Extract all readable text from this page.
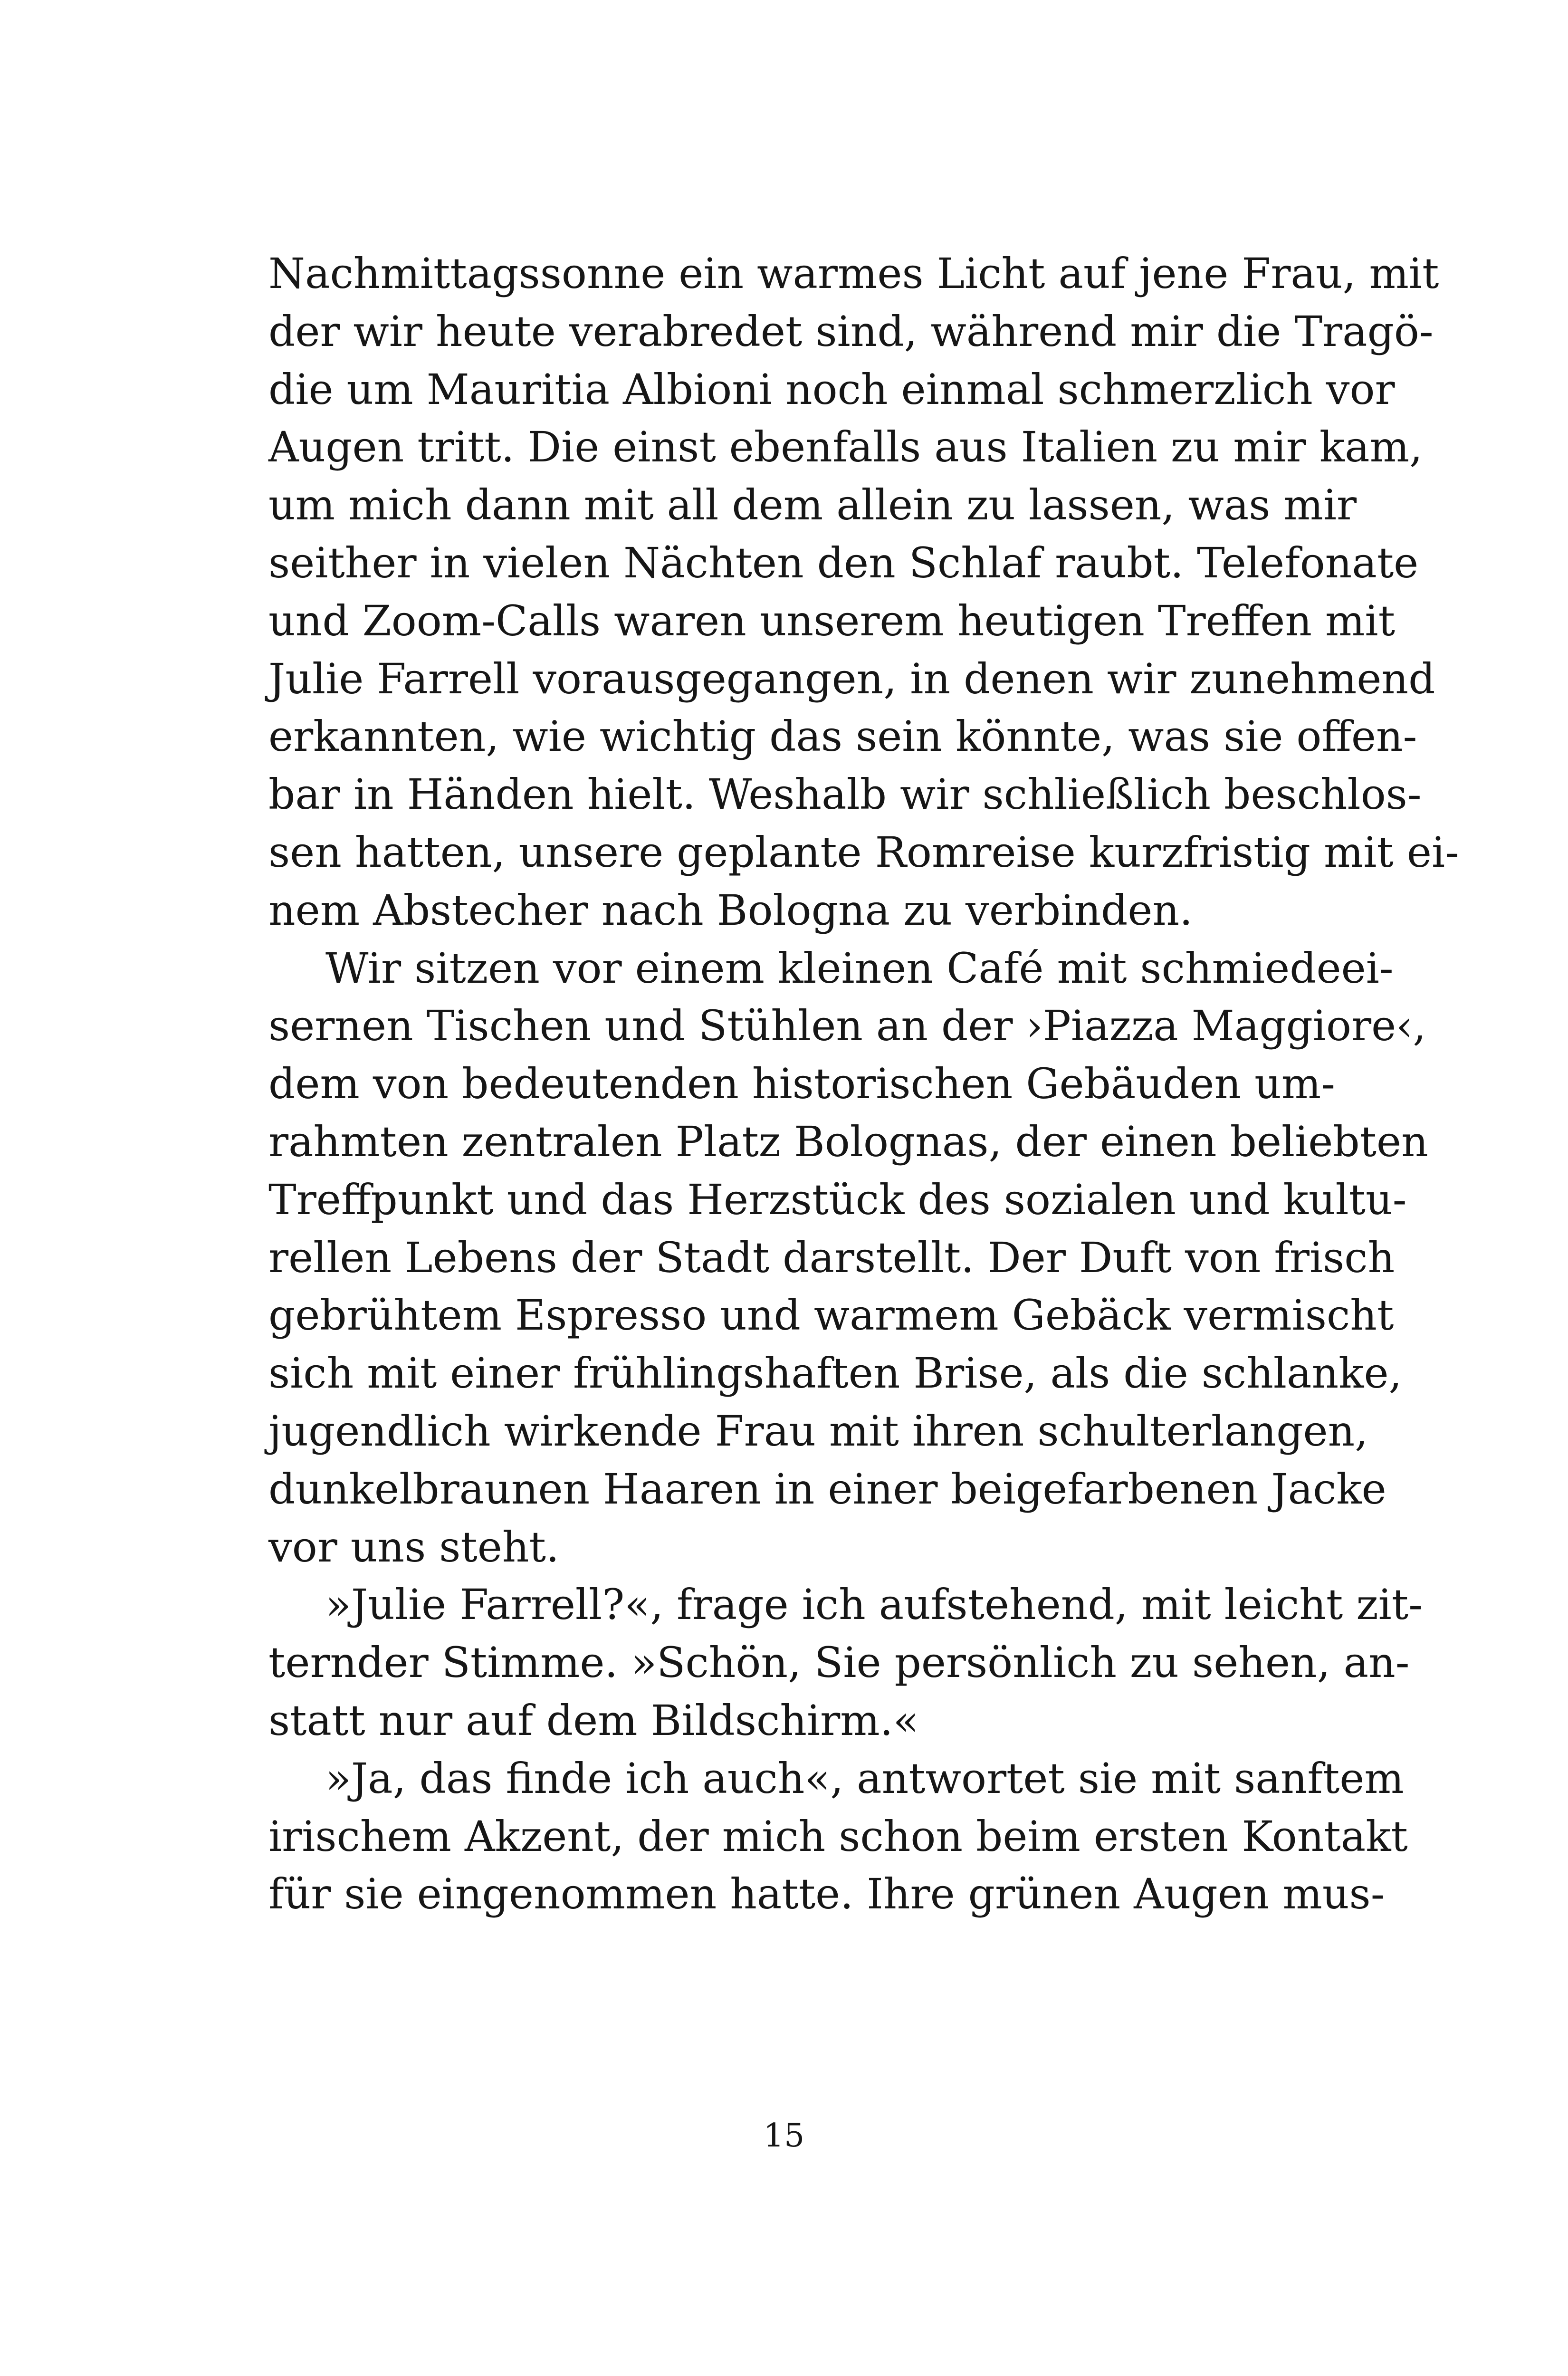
Nachmittagssonne ein warmes Licht auf jene Frau, mit
der wir heute verabredet sind, während mir die Tragö-
die um Mauritia Albioni noch einmal schmerzlich vor
Augen tritt. Die einst ebenfalls aus Italien zu mir kam,
um mich dann mit all dem allein zu lassen, was mir
seither in vielen Nächten den Schlaf raubt. Telefonate
und Zoom-Calls waren unserem heutigen Treffen mit
Julie Farrell vorausgegangen, in denen wir zunehmend
erkannten, wie wichtig das sein könnte, was sie offen-
bar in Händen hielt. Weshalb wir schließlich beschlos-
sen hatten, unsere geplante Romreise kurzfristig mit ei-
nem Abstecher nach Bologna zu verbinden.
Wir sitzen vor einem kleinen Café mit schmiedeei-
sernen Tischen und Stühlen an der ›Piazza Maggiore‹,
dem von bedeutenden historischen Gebäuden um-
rahmten zentralen Platz Bolognas, der einen beliebten
Treffpunkt und das Herzstück des sozialen und kultu-
rellen Lebens der Stadt darstellt. Der Duft von frisch
gebrühtem Espresso und warmem Gebäck vermischt
sich mit einer frühlingshaften Brise, als die schlanke,
jugendlich wirkende Frau mit ihren schulterlangen,
dunkelbraunen Haaren in einer beigefarbenen Jacke
vor uns steht.
»Julie Farrell?«, frage ich aufstehend, mit leicht zit-
ternder Stimme. »Schön, Sie persönlich zu sehen, an-
statt nur auf dem Bildschirm.«
»Ja, das finde ich auch«, antwortet sie mit sanftem
irischem Akzent, der mich schon beim ersten Kontakt
für sie eingenommen hatte. Ihre grünen Augen mus-
15
